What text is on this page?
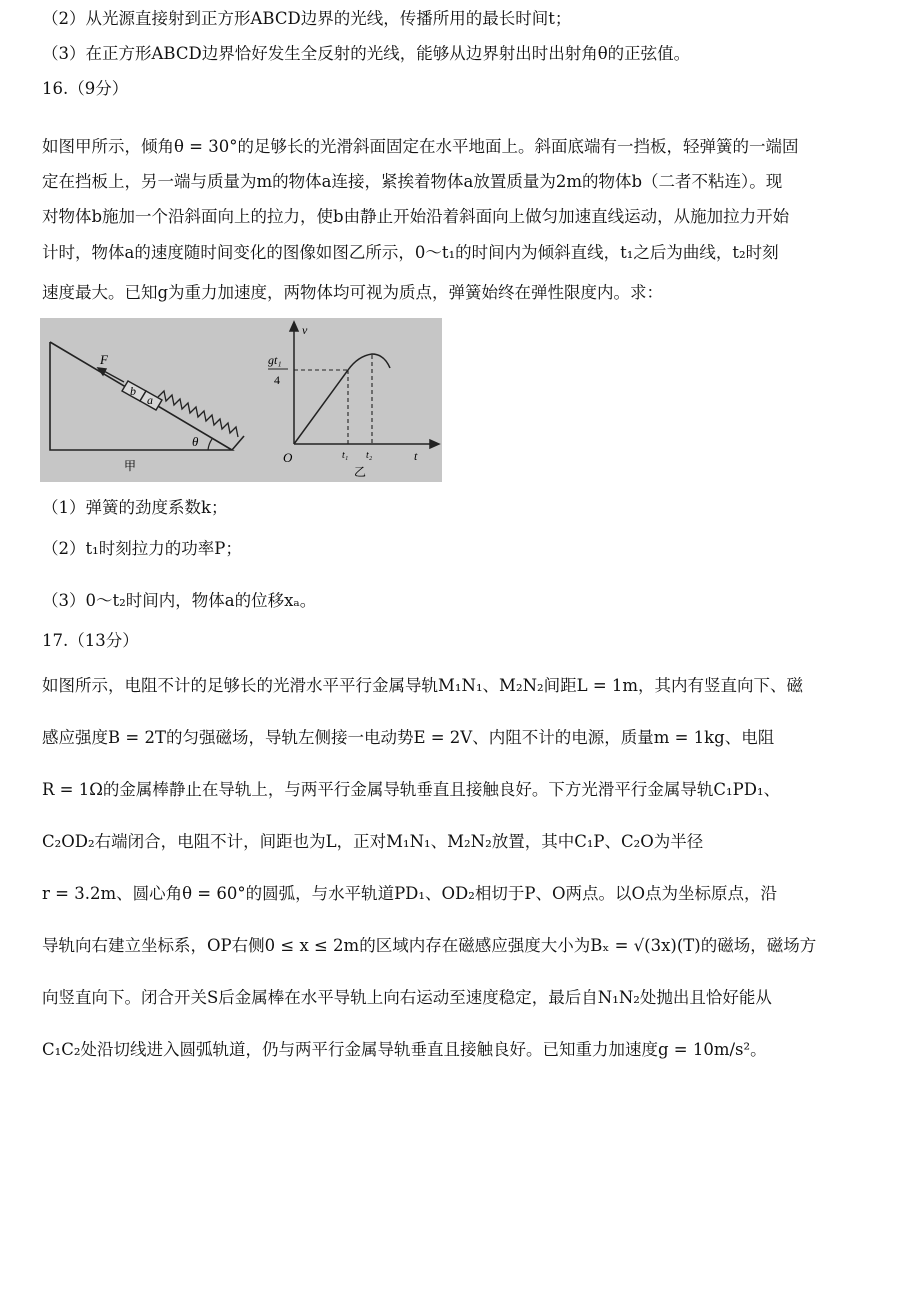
（2）从光源直接射到正方形ABCD边界的光线，传播所用的最长时间t；
（3）在正方形ABCD边界恰好发生全反射的光线，能够从边界射出时出射角θ的正弦值。
16.（9分）
如图甲所示，倾角θ = 30°的足够长的光滑斜面固定在水平地面上。斜面底端有一挡板，轻弹簧的一端固
定在挡板上，另一端与质量为m的物体a连接，紧挨着物体a放置质量为2m的物体b（二者不粘连）。现
对物体b施加一个沿斜面向上的拉力，使b由静止开始沿着斜面向上做匀加速直线运动，从施加拉力开始
计时，物体a的速度随时间变化的图像如图乙所示，0～t₁的时间内为倾斜直线，t₁之后为曲线，t₂时刻
速度最大。已知g为重力加速度，两物体均可视为质点，弹簧始终在弹性限度内。求：
b
a
F
θ
甲
v
t
O
gt₁
4
t₁ t₂
乙
（1）弹簧的劲度系数k；
（2）t₁时刻拉力的功率P；
（3）0～t₂时间内，物体a的位移xₐ。
17.（13分）
如图所示，电阻不计的足够长的光滑水平平行金属导轨M₁N₁、M₂N₂间距L = 1m，其内有竖直向下、磁
感应强度B = 2T的匀强磁场，导轨左侧接一电动势E = 2V、内阻不计的电源，质量m = 1kg、电阻
R = 1Ω的金属棒静止在导轨上，与两平行金属导轨垂直且接触良好。下方光滑平行金属导轨C₁PD₁、
C₂OD₂右端闭合，电阻不计，间距也为L，正对M₁N₁、M₂N₂放置，其中C₁P、C₂O为半径
r = 3.2m、圆心角θ = 60°的圆弧，与水平轨道PD₁、OD₂相切于P、O两点。以O点为坐标原点，沿
导轨向右建立坐标系，OP右侧0 ≤ x ≤ 2m的区域内存在磁感应强度大小为Bₓ = √(3x)(T)的磁场，磁场方
向竖直向下。闭合开关S后金属棒在水平导轨上向右运动至速度稳定，最后自N₁N₂处抛出且恰好能从
C₁C₂处沿切线进入圆弧轨道，仍与两平行金属导轨垂直且接触良好。已知重力加速度g = 10m/s²。
